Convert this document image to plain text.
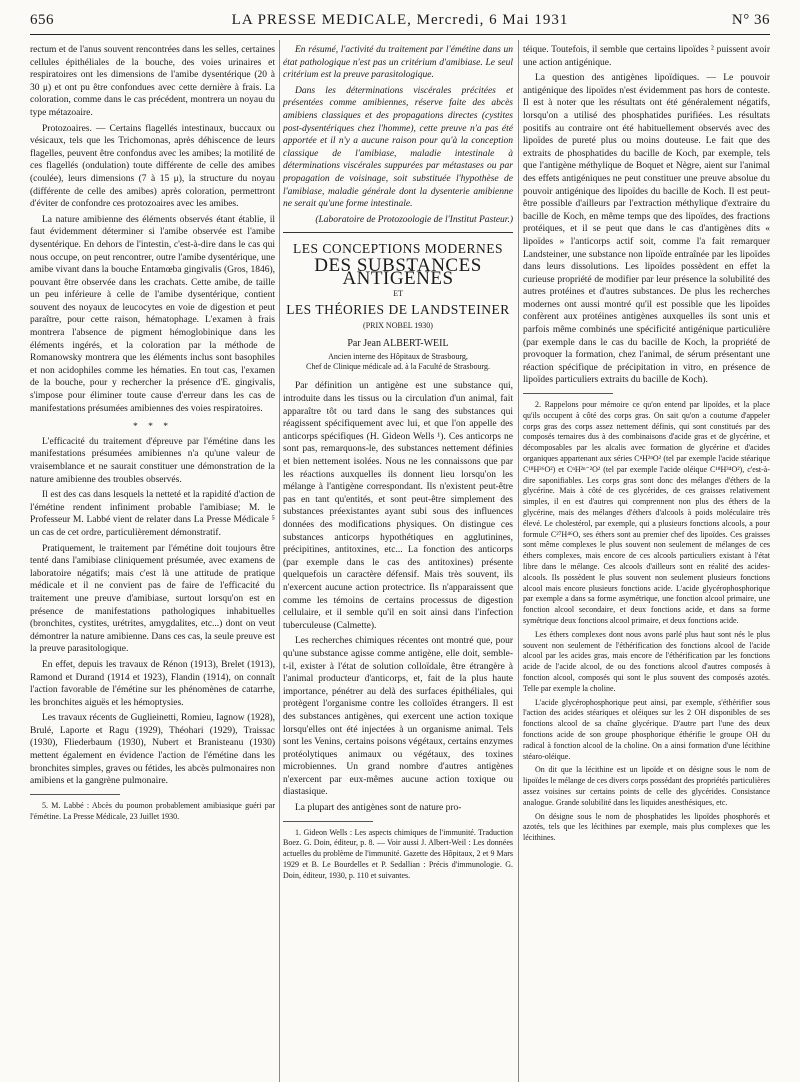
656	LA PRESSE MEDICALE, Mercredi, 6 Mai 1931	N° 36

rectum et de l'anus souvent rencontrées dans les selles, certaines cellules épithéliales de la bouche, des voies urinaires et respiratoires ont les dimensions de l'amibe dysentérique (20 à 30 μ) et ont pu être confondues avec cette dernière à frais. La coloration, comme dans le cas précédent, montrera un noyau du type métazoaire.

Protozoaires. — Certains flagellés intestinaux, buccaux ou vésicaux, tels que les Trichomonas, après déhiscence de leurs flagelles, peuvent être confondus avec les amibes; la motilité de ces flagellés (ondulation) toute différente de celle des amibes (coulée), leurs dimensions (7 à 15 μ), la structure du noyau (différente de celle des amibes) après coloration, permettront d'éviter de confondre ces protozoaires avec les amibes.

La nature amibienne des éléments observés étant établie, il faut évidemment déterminer si l'amibe observée est l'amibe dysentérique. En dehors de l'intestin, c'est-à-dire dans le cas qui nous occupe, on peut rencontrer, outre l'amibe dysentérique, une amibe vivant dans la bouche Entamœba gingivalis (Gros, 1846), pouvant être observée dans les crachats. Cette amibe, de taille un peu inférieure à celle de l'amibe dysentérique, contient souvent des noyaux de leucocytes en voie de digestion et peut paraître, pour cette raison, hématophage. L'examen à frais montrera l'absence de pigment hémoglobinique dans les éléments ingérés, et la coloration par la méthode de Romanowsky montrera que les éléments inclus sont basophiles et non acidophiles comme les hématies. En tout cas, l'examen de la bouche, pour y rechercher la présence d'E. gingivalis, s'impose pour éliminer toute cause d'erreur dans les cas de manifestations présumées amibiennes des voies respiratoires.

* * *

L'efficacité du traitement d'épreuve par l'émétine dans les manifestations présumées amibiennes n'a qu'une valeur de vraisemblance et ne saurait constituer une démonstration de la nature amibienne des troubles observés.

Il est des cas dans lesquels la netteté et la rapidité d'action de l'émétine rendent infiniment probable l'amibiase; M. le Professeur M. Labbé vient de relater dans La Presse Médicale ⁵ un cas de cet ordre, particulièrement démonstratif.

Pratiquement, le traitement par l'émétine doit toujours être tenté dans l'amibiase cliniquement présumée, avec examens de laboratoire négatifs; mais c'est là une attitude de pratique médicale et il ne convient pas de faire de l'efficacité du traitement une preuve d'amibiase, surtout lorsqu'on est en présence de manifestations pathologiques inhabituelles (bronchites, cystites, urétrites, amygdalites, etc...) dont on veut démontrer la nature amibienne. Dans ces cas, la seule preuve est la preuve parasitologique.

En effet, depuis les travaux de Rénon (1913), Brelet (1913), Ramond et Durand (1914 et 1923), Flandin (1914), on connaît l'action favorable de l'émétine sur les phénomènes de catarrhe, les bronchites aiguës et les hémoptysies.

Les travaux récents de Guglieinetti, Romieu, Iagnow (1928), Brulé, Laporte et Ragu (1929), Théohari (1929), Traissac (1930), Fliederbaum (1930), Nubert et Branisteanu (1930) mettent également en évidence l'action de l'émétine dans les bronchites simples, graves ou fétides, les abcès pulmonaires non amibiens et la gangrène pulmonaire.

5. M. Labbé : Abcès du poumon probablement amibiasique guéri par l'émétine. La Presse Médicale, 23 Juillet 1930.

En résumé, l'activité du traitement par l'émétine dans un état pathologique n'est pas un critérium d'amibiase. Le seul critérium est la preuve parasitologique.

Dans les déterminations viscérales précitées et présentées comme amibiennes, réserve faite des abcès amibiens classiques et des propagations directes (cystites post-dysentériques chez l'homme), cette preuve n'a pas été apportée et il n'y a aucune raison pour qu'à la conception classique de l'amibiase, maladie intestinale à déterminations viscérales suppurées par métastases ou par propagation de voisinage, soit substituée l'hypothèse de l'amibiase, maladie générale dont la dysenterie amibienne ne serait qu'une forme intestinale.

(Laboratoire de Protozoologie de l'Institut Pasteur.)

LES CONCEPTIONS MODERNES
DES SUBSTANCES ANTIGÈNES
ET
LES THÉORIES DE LANDSTEINER
(PRIX NOBEL 1930)
Par Jean ALBERT-WEIL
Ancien interne des Hôpitaux de Strasbourg,
Chef de Clinique médicale ad. à la Faculté de Strasbourg.

Par définition un antigène est une substance qui, introduite dans les tissus ou la circulation d'un animal, fait apparaître tôt ou tard dans le sang des substances qui réagissent spécifiquement avec lui, et que l'on appelle des anticorps spécifiques (H. Gideon Wells ¹). Ces anticorps ne sont pas, remarquons-le, des substances nettement définies et bien nettement isolées. Nous ne les connaissons que par les réactions auxquelles ils donnent lieu lorsqu'on les mélange à l'antigène correspondant. Ils n'existent peut-être pas en tant qu'entités, et sont peut-être simplement des substances préexistantes ayant subi sous des influences données des modifications physiques. On distingue ces substances anticorps hypothétiques en agglutinines, précipitines, antitoxines, etc... La fonction des anticorps (par exemple dans le cas des antitoxines) présente quelquefois un caractère défensif. Mais très souvent, ils n'exercent aucune action protectrice. Ils n'apparaissent que comme les témoins de certains processus de digestion cellulaire, et il semble qu'il en soit ainsi dans l'infection tuberculeuse (Calmette).

Les recherches chimiques récentes ont montré que, pour qu'une substance agisse comme antigène, elle doit, semble-t-il, exister à l'état de solution colloïdale, être étrangère à l'animal producteur d'anticorps, et, fait de la plus haute importance, pénétrer au delà des surfaces épithéliales, qui protègent l'organisme contre les colloïdes étrangers. Il est des substances antigènes, qui exercent une action toxique lorsqu'elles ont été injectées à un organisme animal. Tels sont les Venins, certains poisons végétaux, certains enzymes protéolytiques animaux ou végétaux, des toxines microbiennes. Un grand nombre d'autres antigènes n'exercent par eux-mêmes aucune action toxique ou diastasique.

La plupart des antigènes sont de nature pro-

1. Gideon Wells : Les aspects chimiques de l'immunité. Traduction Boez. G. Doin, éditeur, p. 8. — Voir aussi J. Albert-Weil : Les données actuelles du problème de l'immunité. Gazette des Hôpitaux, 2 et 9 Mars 1929 et B. Le Bourdelles et P. Sedallian : Précis d'immunologie. G. Doin, éditeur, 1930, p. 110 et suivantes.

téique. Toutefois, il semble que certains lipoïdes ² puissent avoir une action antigénique.

La question des antigènes lipoïdiques. — Le pouvoir antigénique des lipoïdes n'est évidemment pas hors de conteste. Il est à noter que les résultats ont été généralement négatifs, lorsqu'on a utilisé des phosphatides purifiées. Les résultats positifs au contraire ont été habituellement observés avec des lipoïdes de pureté plus ou moins douteuse. Le fait que des extraits de phosphatides du bacille de Koch, par exemple, tels que l'antigène méthylique de Boquet et Nègre, aient sur l'animal des effets antigéniques ne peut constituer une preuve absolue du pouvoir antigénique des lipoïdes du bacille de Koch. Il est peut-être possible d'ailleurs par l'extraction méthylique d'extraire du bacille de Koch, en même temps que des lipoïdes, des fractions protéiques, et il se peut que dans le cas d'antigènes dits « lipoïdes » l'anticorps actif soit, comme l'a fait remarquer Landsteiner, une substance non lipoïde entraînée par les lipoïdes dans leurs dissolutions. Les lipoïdes possèdent en effet la curieuse propriété de modifier par leur présence la solubilité des autres protéines et d'autres substances. De plus les recherches modernes ont aussi montré qu'il est possible que les lipoïdes confèrent aux protéines antigènes auxquelles ils sont unis et parfois même combinés une spécificité antigénique particulière (par exemple dans le cas du bacille de Koch, la propriété de provoquer la formation, chez l'animal, de sérum présentant une réaction spécifique de précipitation in vitro, en présence de lipoïdes particuliers extraits du bacille de Koch).

2. Rappelons pour mémoire ce qu'on entend par lipoïdes, et la place qu'ils occupent à côté des corps gras. On sait qu'on a coutume d'appeler corps gras des corps assez nettement définis, qui sont constitués par des composés ternaires dus à des combinaisons d'acide gras et de glycérine, et décomposables par les alcalis avec formation de glycérine et d'acides organiques appartenant aux séries CⁿH²ⁿO² (tel par exemple l'acide stéarique C¹⁸H³⁶O²) et CⁿH²ⁿ⁻²O² (tel par exemple l'acide oléique C¹⁸H³⁴O²), c'est-à-dire saponifiables. Les corps gras sont donc des mélanges d'éthers de la glycérine. Mais à côté de ces glycérides, de ces graisses relativement simples, il en est d'autres qui comprennent non plus des éthers de la glycérine, mais des mélanges d'éthers d'alcools à poids moléculaire très élevé. Le cholestérol, par exemple, qui a plusieurs fonctions alcools, a pour formule C²⁷H⁴⁶O, ses éthers sont au premier chef des lipoïdes. Ces graisses sont même complexes le plus souvent non seulement de mélanges de ces éthers complexes, mais encore de ces alcools particuliers existant à l'état libre dans le mélange. Ces alcools d'ailleurs sont en réalité des acides-alcools. Ils possèdent le plus souvent non seulement plusieurs fonctions alcool mais encore plusieurs fonctions acide. L'acide glycérophosphorique par exemple a dans sa forme asymétrique, une fonction alcool primaire, une fonction alcool secondaire, et deux fonctions acide, et dans sa forme symétrique deux fonctions alcool primaire, et deux fonctions acide.

Les éthers complexes dont nous avons parlé plus haut sont nés le plus souvent non seulement de l'éthérification des fonctions alcool de l'acide alcool par les acides gras, mais encore de l'éthérification par les fonctions acide de l'acide alcool, de ou des fonctions alcool d'autres composés à fonction alcool, composés qui sont le plus souvent des composés azotés. Telle par exemple la choline.

L'acide glycérophosphorique peut ainsi, par exemple, s'éthérifier sous l'action des acides stéariques et oléiques sur les 2 OH disponibles de ses fonctions alcool de sa chaîne glycérique. D'autre part l'une des deux fonctions acide de son groupe phosphorique éthérifie le groupe OH du radical à fonction alcool de la choline. On a ainsi formation d'une lécithine stéaro-oléique.

On dit que la lécithine est un lipoïde et on désigne sous le nom de lipoïdes le mélange de ces divers corps possédant des propriétés particulières assez voisines sur certains points de celle des glycérides. Consistance analogue. Grande solubilité dans les liquides anesthésiques, etc.

On désigne sous le nom de phosphatides les lipoïdes phosphorés et azotés, tels que les lécithines par exemple, mais plus complexes que les lécithines.
